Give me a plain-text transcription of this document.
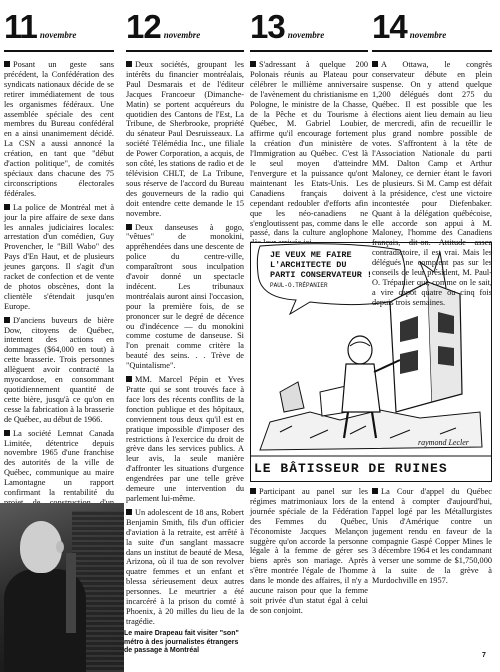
11 novembre

Posant un geste sans précédent, la Confédération des syndicats nationaux décide de se retirer immédiatement de tous les organismes fédéraux. Une assemblée spéciale des cent membres du Bureau confédéral en a ainsi unanimement décidé. La CSN a aussi annoncé la création, en tant que "début d'action politique", de comités spéciaux dans chacune des 75 circonscriptions électorales fédérales.

La police de Montréal met à jour la pire affaire de sexe dans les annales judiciaires locales: arrestation d'un comédien, Guy Provencher, le "Bill Wabo" des Pays d'En Haut, et de plusieurs jeunes garçons. Il s'agit d'un racket de confection et de vente de photos obscènes, dont la clientèle s'étendait jusqu'en Europe.

D'anciens buveurs de bière Dow, citoyens de Québec, intentent des actions en dommages ($64,000 en tout) à cette brasserie. Trois personnes allèguent avoir contracté la myocardose, en consommant quotidiennement quantité de cette bière, jusqu'à ce qu'on en cesse la fabrication à la brasserie de Québec, au début de 1966.

La société Lemnat Canada Limitée, détentrice depuis novembre 1965 d'une franchise des autorités de la ville de Québec, communique au maire Lamontagne un rapport confirmant la rentabilité du

12 novembre

Deux sociétés, groupant les intérêts du financier montréalais, Paul Desmarais et de l'éditeur Jacques Francoeur (Dimanche-Matin) se portent acquéreurs du quotidien des Cantons de l'Est, La Tribune, de Sherbrooke, propriété du sénateur Paul Desruisseaux. La société Télémédia Inc., une filiale de Power Corporation, a acquis, de son côté, les stations de radio et de télévision CHLT, de La Tribune, sous réserve de l'accord du Bureau des gouverneurs de la radio qui doit entendre cette demande le 15 novembre.

Deux danseuses à gogo, "vêtues" de monokini, appréhendées dans une descente de police du centre-ville, comparaîtront sous inculpation d'avoir donné un spectacle indécent. Les tribunaux montréalais auront ainsi l'occasion, pour la première fois, de se prononcer sur le degré de décence ou d'indécence — du monokini comme costume de danseuse. Si l'on prenait comme critère la beauté des seins. . . Trève de "Quintalisme".

MM. Marcel Pépin et Yves Pratte qui se sont trouvés face à face lors des récents conflits de la fonction publique et des hôpitaux, conviennent tous deux qu'il est en pratique impossible d'imposer des restrictions à l'exercice du droit de grève dans les services publics. A leur avis, la seule manière d'affronter les situations d'urgence engendrées par une telle grève demeure une intervention du parlement lui-même.

Un adolescent de 18 ans, Robert Benjamin Smith, fils d'un officier d'aviation à la retraite, est arrêté à la suite d'un sanglant massacre dans un institut de beauté de Mesa, Arizona, où il tua de son revolver quatre femmes et un enfant et blessa sérieusement deux autres personnes. Le meurtrier a été incarcéré à la prison du comté à Phoenix, à 20 milles du lieu de la tragédie.

Le maire Drapeau fait visiter "son" métro à des journalistes étrangers de passage à Montréal
13 novembre

S'adressant à quelque 200 Polonais réunis au Plateau pour célébrer le millième anniversaire de l'avènement du christianisme en Pologne, le ministre de la Chasse, de la Pêche et du Tourisme à Québec, M. Gabriel Loubier, affirme qu'il encourage fortement la création d'un ministère de l'Immigration au Québec. C'est là le seul moyen d'atteindre l'envergure et la puissance qu'ont maintenant les Etats-Unis. Les Canadiens français doivent cependant redoubler d'efforts afin que les néo-canadiens ne s'engloutissent pas, comme dans le passé, dans la culture anglophone

JE VEUX ME FAIRE
L'ARCHITECTE DU
PARTI CONSERVATEUR !
PAUL-O.TRÉPANIER
raymond Lecler
LE BÂTISSEUR DE RUINES

Participant au panel sur les régimes matrimoniaux lors de la journée spéciale de la Fédération des Femmes du Québec, l'économiste Jacques Melançon suggère qu'on accorde la personne légale à la femme de gérer ses biens après son mariage. Après s'être montrée l'égale de l'homme dans le monde des affaires, il n'y a aucune raison pour que la femme soit privée d'un statut égal à celui de son conjoint.

14 novembre

A Ottawa, le congrès conservateur débute en plein suspense. On y attend quelque 1,200 délégués dont 275 du Québec. Il est possible que les élections aient lieu demain au lieu de mercredi, afin de recueillir le plus grand nombre possible de votes. S'affrontent à la tête de l'Association Nationale du parti MM. Dalton Camp et Arthur Maloney, ce dernier étant le favori de plusieurs. Si M. Camp est défait à la présidence, c'est une victoire incontestée pour Diefenbaker. Quant à la délégation québécoise, elle accorde son appui à M. Maloney, l'homme des Canadiens français, dit-on. Attitude assez contradictoire, il est vrai. Mais les délégués ne comptent pas sur les conseils de leur président, M. Paul-O. Trépanier qui, comme on le sait, a vire capot quatre ou cinq fois depuis trois semaines.

La Cour d'appel du Québec entend à compter d'aujourd'hui, l'appel logé par les Métallurgistes Unis d'Amérique contre un jugement rendu en faveur de la compagnie Gaspé Copper Mines le 3 décembre 1964 et les condamnant à verser une somme de $1,750,000 à la suite de la grève à Murdochville en 1957.

7
